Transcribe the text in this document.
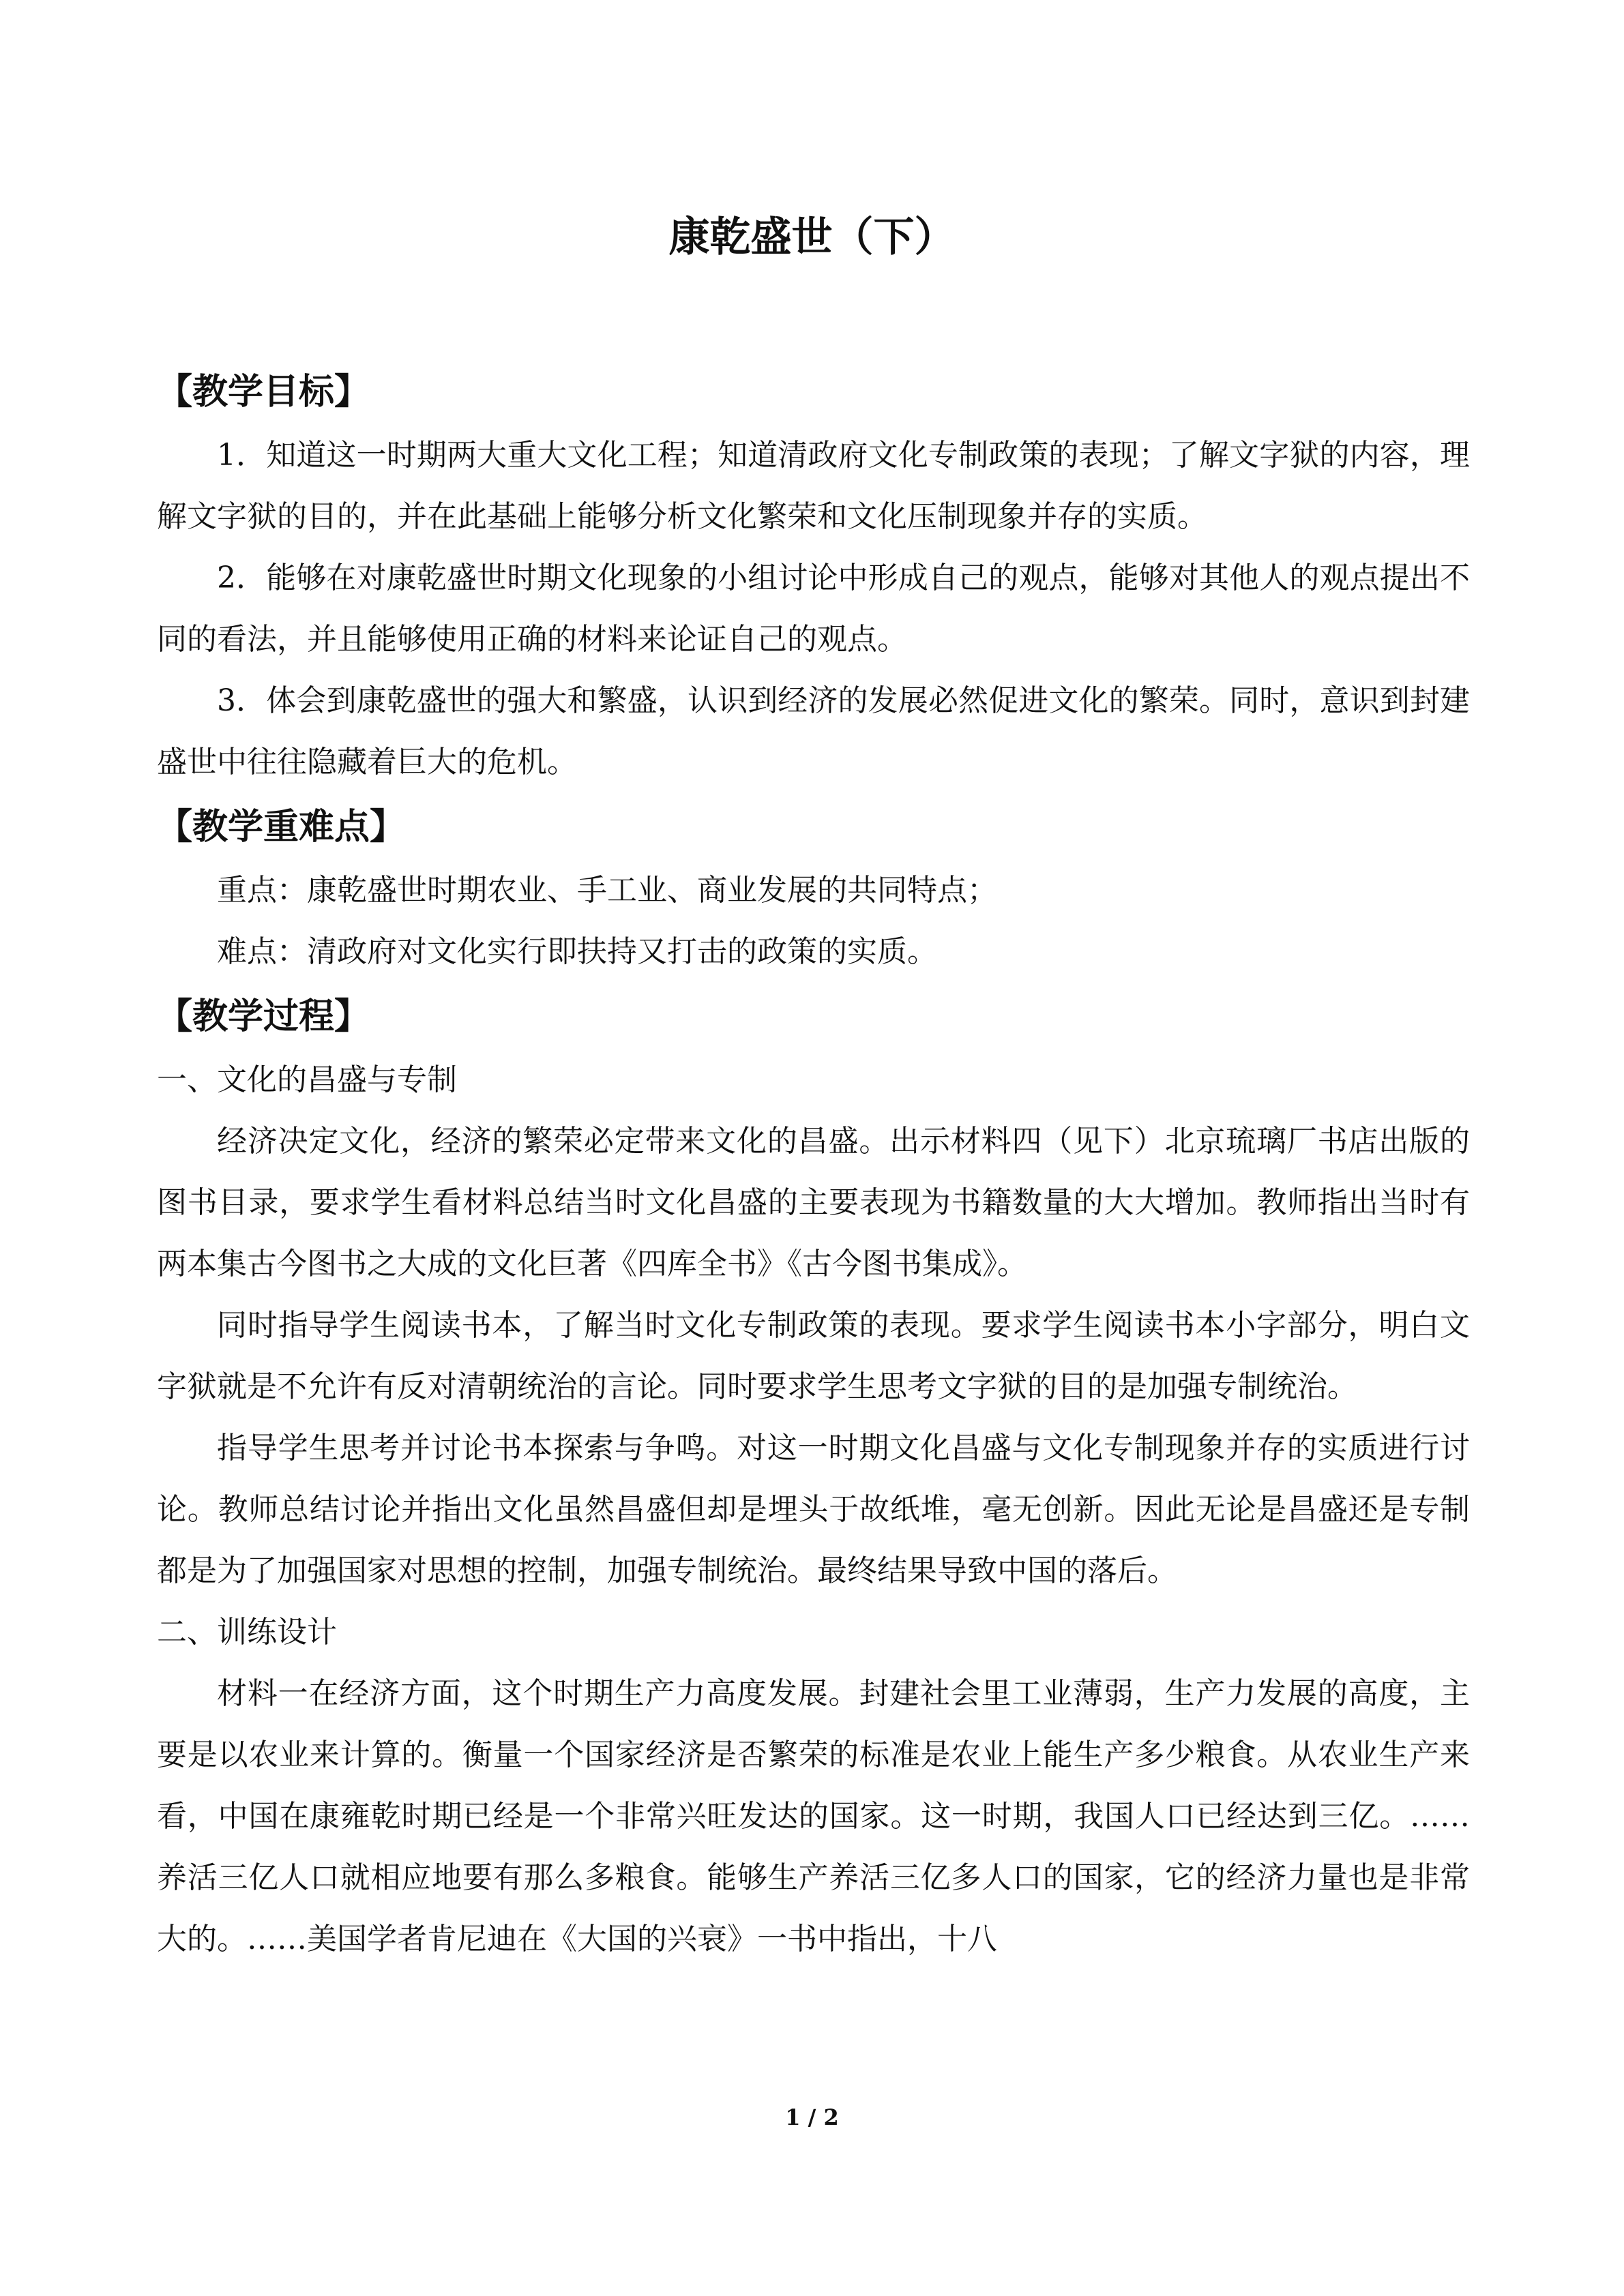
康乾盛世（下）
【教学目标】

1．知道这一时期两大重大文化工程；知道清政府文化专制政策的表现；了解文字狱的内容，理解文字狱的目的，并在此基础上能够分析文化繁荣和文化压制现象并存的实质。

2．能够在对康乾盛世时期文化现象的小组讨论中形成自己的观点，能够对其他人的观点提出不同的看法，并且能够使用正确的材料来论证自己的观点。

3．体会到康乾盛世的强大和繁盛，认识到经济的发展必然促进文化的繁荣。同时，意识到封建盛世中往往隐藏着巨大的危机。

【教学重难点】

重点：康乾盛世时期农业、手工业、商业发展的共同特点；

难点：清政府对文化实行即扶持又打击的政策的实质。

【教学过程】

一、文化的昌盛与专制

经济决定文化，经济的繁荣必定带来文化的昌盛。出示材料四（见下）北京琉璃厂书店出版的图书目录，要求学生看材料总结当时文化昌盛的主要表现为书籍数量的大大增加。教师指出当时有两本集古今图书之大成的文化巨著《四库全书》《古今图书集成》。

同时指导学生阅读书本，了解当时文化专制政策的表现。要求学生阅读书本小字部分，明白文字狱就是不允许有反对清朝统治的言论。同时要求学生思考文字狱的目的是加强专制统治。

指导学生思考并讨论书本探索与争鸣。对这一时期文化昌盛与文化专制现象并存的实质进行讨论。教师总结讨论并指出文化虽然昌盛但却是埋头于故纸堆，毫无创新。因此无论是昌盛还是专制都是为了加强国家对思想的控制，加强专制统治。最终结果导致中国的落后。

二、训练设计

材料一在经济方面，这个时期生产力高度发展。封建社会里工业薄弱，生产力发展的高度，主要是以农业来计算的。衡量一个国家经济是否繁荣的标准是农业上能生产多少粮食。从农业生产来看，中国在康雍乾时期已经是一个非常兴旺发达的国家。这一时期，我国人口已经达到三亿。……养活三亿人口就相应地要有那么多粮食。能够生产养活三亿多人口的国家，它的经济力量也是非常大的。……美国学者肯尼迪在《大国的兴衰》一书中指出，十八

1 / 2
